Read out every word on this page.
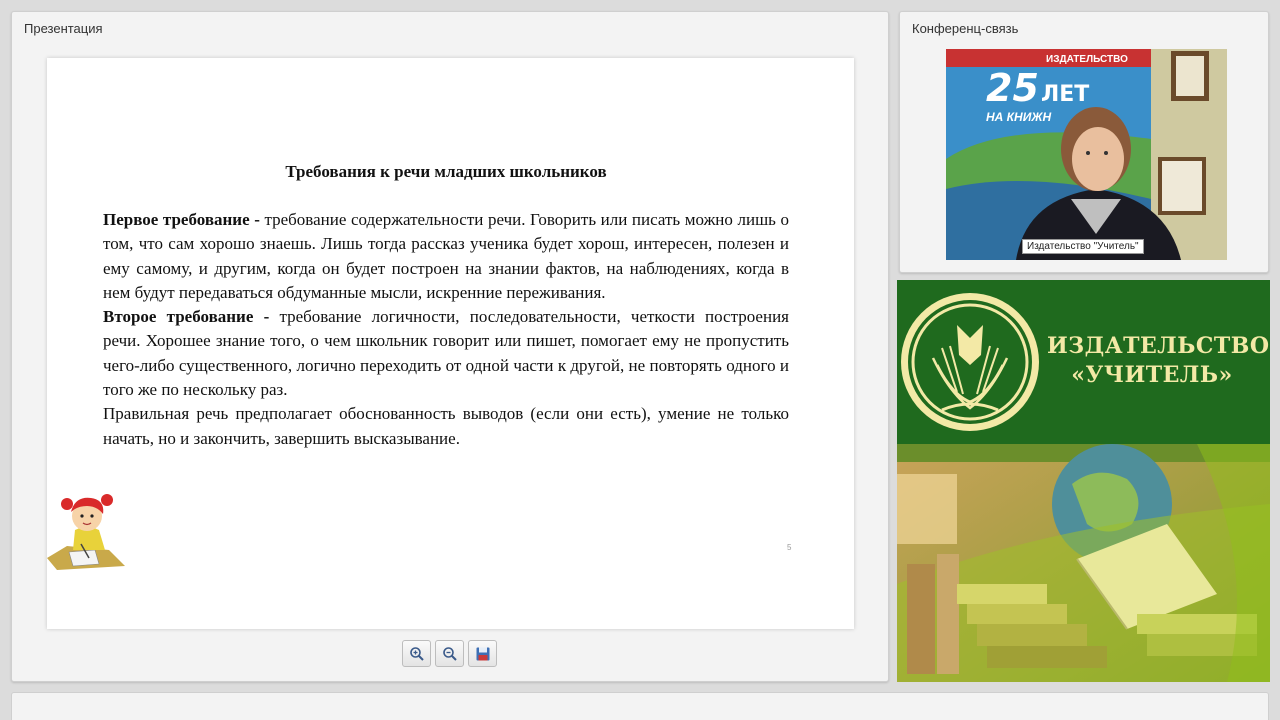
Презентация
Требования к речи младших школьников
Первое требование - требование содержательности речи. Говорить или писать можно лишь о том, что сам хорошо знаешь. Лишь тогда рассказ ученика будет хорош, интересен, полезен и ему самому, и другим, когда он будет построен на знании фактов, на наблюдениях, когда в нем будут передаваться обдуманные мысли, искренние переживания.
Второе требование - требование логичности, последовательности, четкости построения речи. Хорошее знание того, о чем школьник говорит или пишет, помогает ему не пропустить чего-либо существенного, логично переходить от одной части к другой, не повторять одного и того же по нескольку раз.
Правильная речь предполагает обоснованность выводов (если они есть), умение не только начать, но и закончить, завершить высказывание.
5
Конференц-связь
ИЗДАТЕЛЬСТВО
25 ЛЕТ
НА КНИЖН
Издательство "Учитель"
ИЗДАТЕЛЬСТВО
«УЧИТЕЛЬ»
